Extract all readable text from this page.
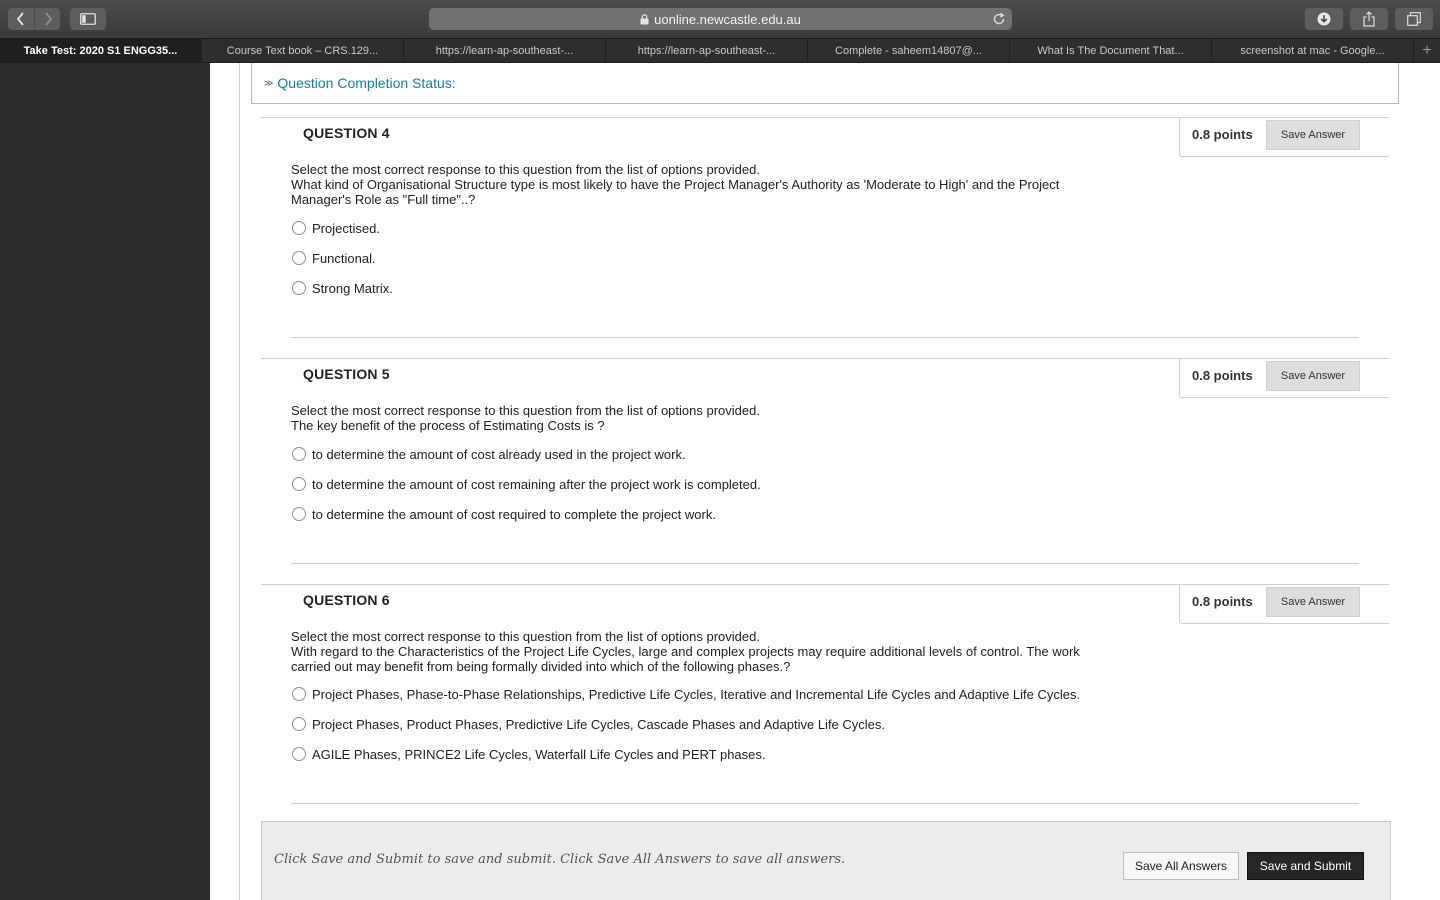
uonline.newcastle.edu.au
Take Test: 2020 S1 ENGG35...	Course Text book – CRS.129...	https://learn-ap-southeast-...	https://learn-ap-southeast-...	Complete - saheem14807@...	What Is The Document That...	screenshot at mac - Google...	+
≫ Question Completion Status:
QUESTION 4	0.8 points	Save Answer
Select the most correct response to this question from the list of options provided.
What kind of Organisational Structure type is most likely to have the Project Manager's Authority as 'Moderate to High' and the Project
Manager's Role as "Full time"..?
Projectised.
Functional.
Strong Matrix.
QUESTION 5	0.8 points	Save Answer
Select the most correct response to this question from the list of options provided.
The key benefit of the process of Estimating Costs is ?
to determine the amount of cost already used in the project work.
to determine the amount of cost remaining after the project work is completed.
to determine the amount of cost required to complete the project work.
QUESTION 6	0.8 points	Save Answer
Select the most correct response to this question from the list of options provided.
With regard to the Characteristics of the Project Life Cycles, large and complex projects may require additional levels of control. The work
carried out may benefit from being formally divided into which of the following phases.?
Project Phases, Phase-to-Phase Relationships, Predictive Life Cycles, Iterative and Incremental Life Cycles and Adaptive Life Cycles.
Project Phases, Product Phases, Predictive Life Cycles, Cascade Phases and Adaptive Life Cycles.
AGILE Phases, PRINCE2 Life Cycles, Waterfall Life Cycles and PERT phases.
Click Save and Submit to save and submit. Click Save All Answers to save all answers.	Save All Answers	Save and Submit
